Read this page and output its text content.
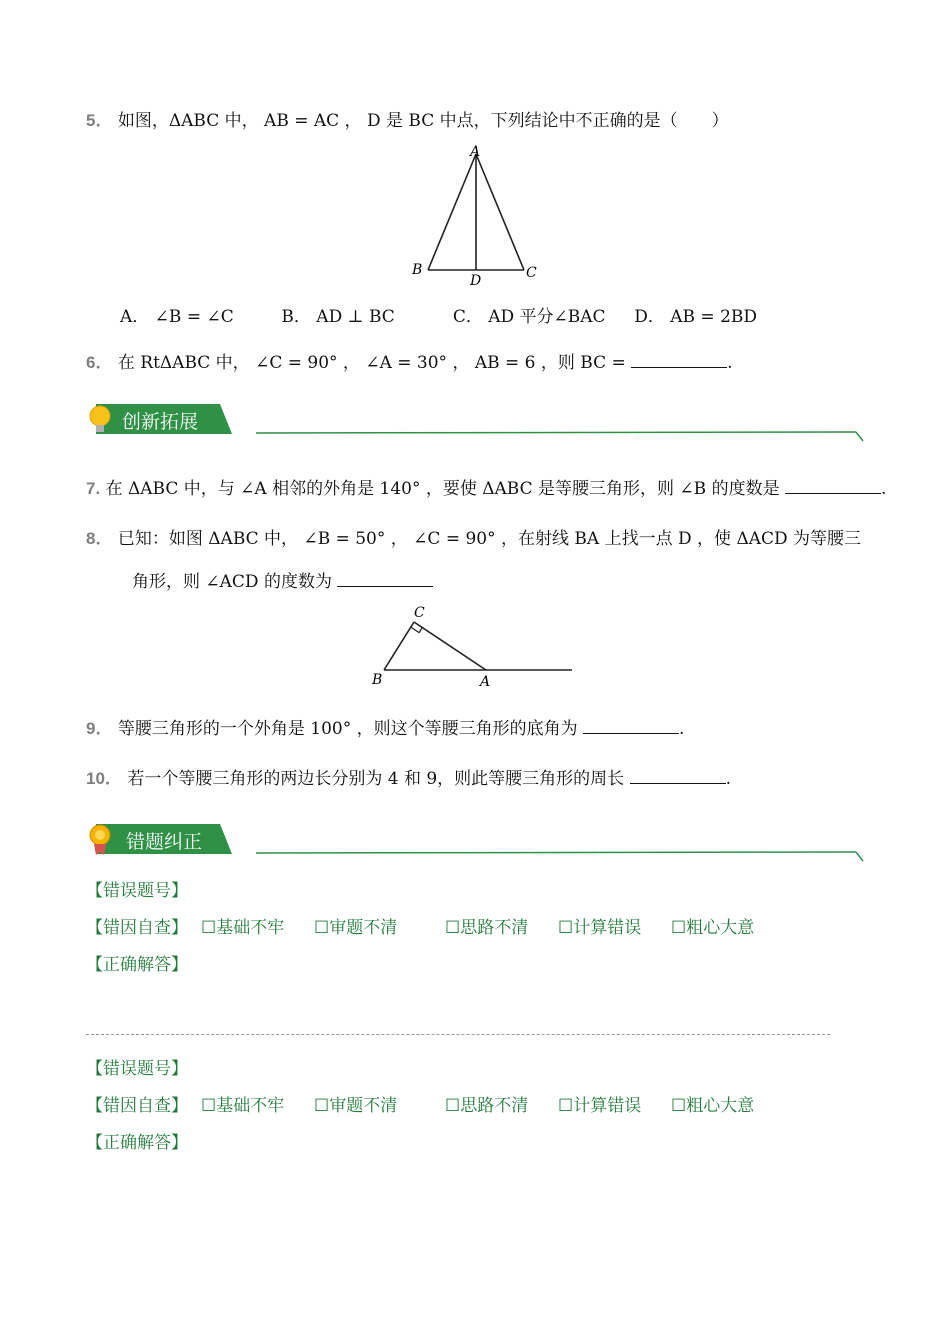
5． 如图，ΔABC 中， AB = AC ， D 是 BC 中点，下列结论中不正确的是（　　）
A
B	C
D
A． ∠B = ∠C	B． AD ⊥ BC	C． AD 平分∠BAC D． AB = 2BD
6． 在 RtΔABC 中， ∠C = 90° ， ∠A = 30° ， AB = 6 ，则 BC =	.
创新拓展
7. 在 ΔABC 中，与 ∠A 相邻的外角是 140° ，要使 ΔABC 是等腰三角形，则 ∠B 的度数是	.
8． 已知：如图 ΔABC 中， ∠B = 50° ， ∠C = 90° ，在射线 BA 上找一点 D ，使 ΔACD 为等腰三
角形，则 ∠ACD 的度数为
C
B	A
9． 等腰三角形的一个外角是 100° ，则这个等腰三角形的底角为	.
10． 若一个等腰三角形的两边长分别为 4 和 9，则此等腰三角形的周长	.
错题纠正
【错误题号】
【错因自查】 ☐基础不牢 ☐审题不清	☐思路不清 ☐计算错误 ☐粗心大意
【正确解答】
【错误题号】
【错因自查】 ☐基础不牢 ☐审题不清	☐思路不清 ☐计算错误 ☐粗心大意
【正确解答】
